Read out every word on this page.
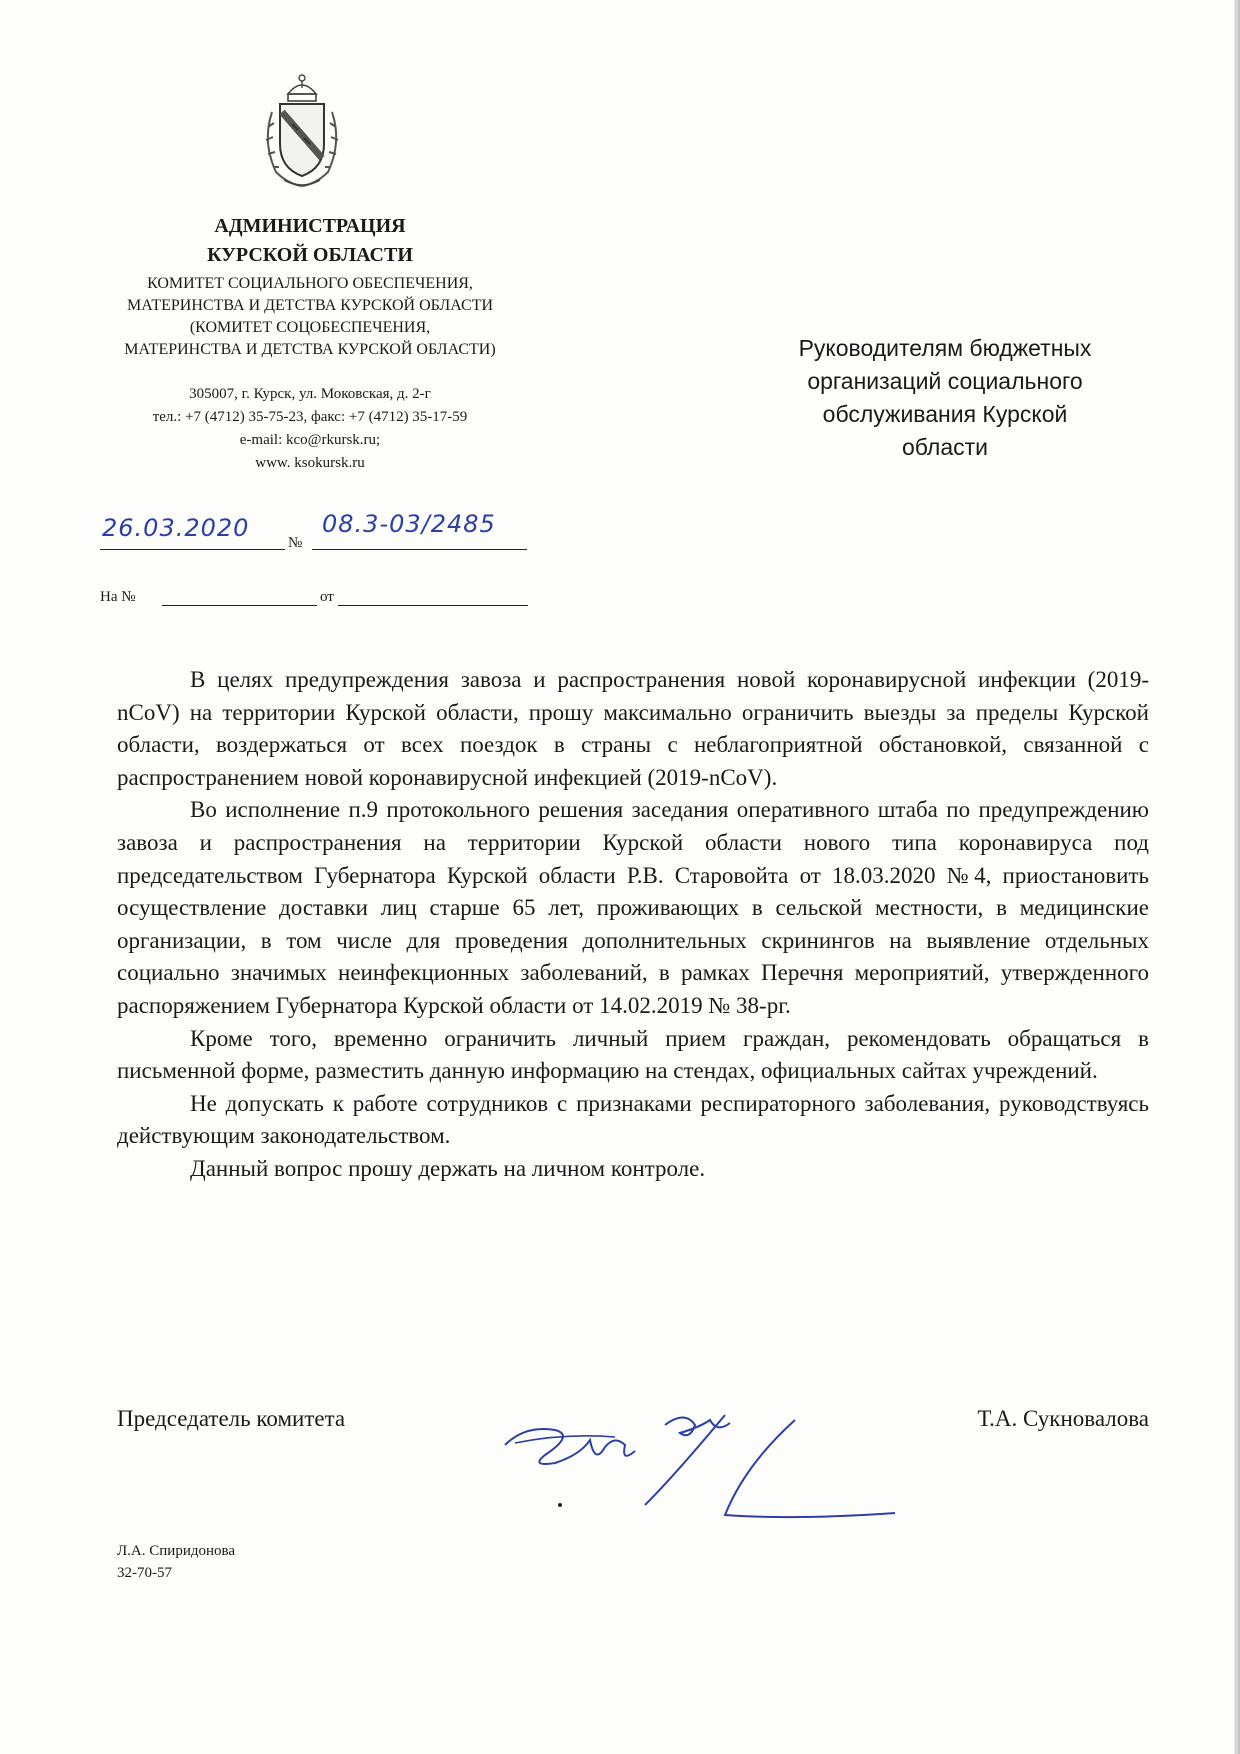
АДМИНИСТРАЦИЯ
КУРСКОЙ ОБЛАСТИ
КОМИТЕТ СОЦИАЛЬНОГО ОБЕСПЕЧЕНИЯ,
МАТЕРИНСТВА И ДЕТСТВА КУРСКОЙ ОБЛАСТИ
(КОМИТЕТ СОЦОБЕСПЕЧЕНИЯ,
МАТЕРИНСТВА И ДЕТСТВА КУРСКОЙ ОБЛАСТИ)
305007, г. Курск, ул. Моковская, д. 2-г
тел.: +7 (4712) 35-75-23, факс: +7 (4712) 35-17-59
e-mail: kco@rkursk.ru;
www. ksokursk.ru
№
26.03.2020	08.3-03/2485
На №	от
Руководителям бюджетных
организаций социального
обслуживания Курской
области

В целях предупреждения завоза и распространения новой коронавирусной инфекции (2019-nCoV) на территории Курской области, прошу максимально ограничить выезды за пределы Курской области, воздержаться от всех поездок в страны с неблагоприятной обстановкой, связанной с распространением новой коронавирусной инфекцией (2019-nCoV).

Во исполнение п.9 протокольного решения заседания оперативного штаба по предупреждению завоза и распространения на территории Курской области нового типа коронавируса под председательством Губернатора Курской области Р.В. Старовойта от 18.03.2020 №4, приостановить осуществление доставки лиц старше 65 лет, проживающих в сельской местности, в медицинские организации, в том числе для проведения дополнительных скринингов на выявление отдельных социально значимых неинфекционных заболеваний, в рамках Перечня мероприятий, утвержденного распоряжением Губернатора Курской области от 14.02.2019 № 38-рг.

Кроме того, временно ограничить личный прием граждан, рекомендовать обращаться в письменной форме, разместить данную информацию на стендах, официальных сайтах учреждений.

Не допускать к работе сотрудников с признаками респираторного заболевания, руководствуясь действующим законодательством.

Данный вопрос прошу держать на личном контроле.

Председатель комитета	Т.А. Сукновалова
Л.А. Спиридонова
32-70-57
